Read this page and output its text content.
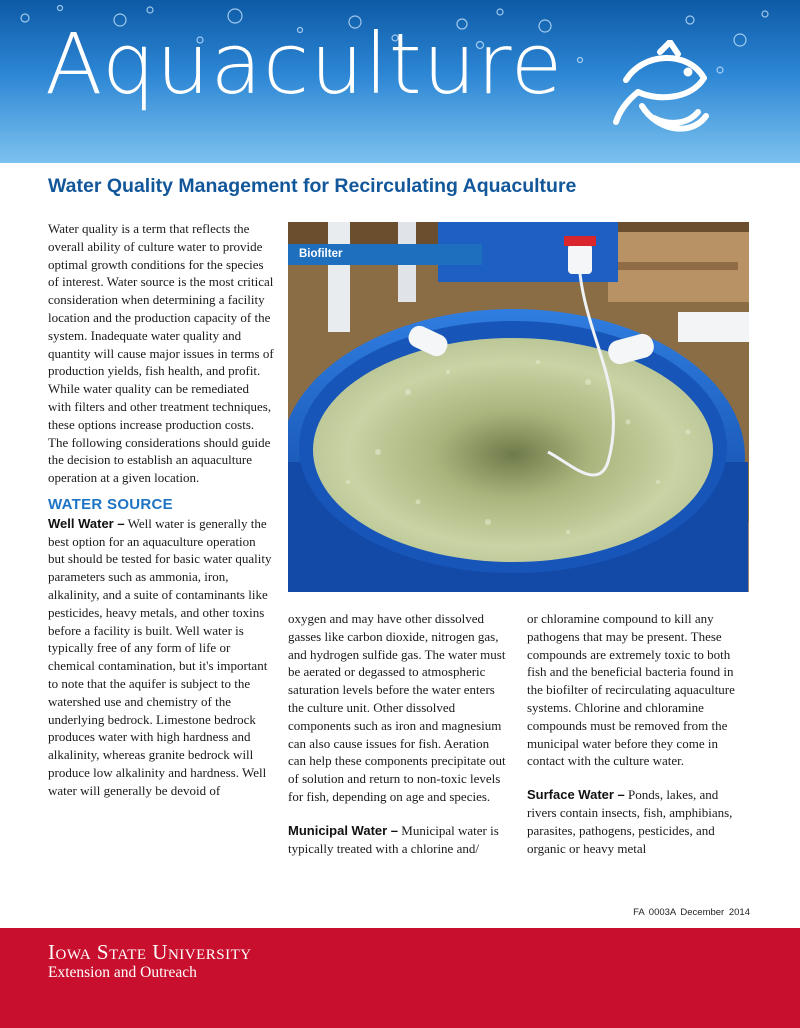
Aquaculture
Water Quality Management for Recirculating Aquaculture

Water quality is a term that reflects the overall ability of culture water to provide optimal growth conditions for the species of interest. Water source is the most critical consideration when determining a facility location and the production capacity of the system. Inadequate water quality and quantity will cause major issues in terms of production yields, fish health, and profit. While water quality can be remediated with filters and other treatment techniques, these options increase production costs. The following considerations should guide the decision to establish an aquaculture operation at a given location.

WATER SOURCE

Well Water – Well water is generally the best option for an aquaculture operation but should be tested for basic water quality parameters such as ammonia, iron, alkalinity, and a suite of contaminants like pesticides, heavy metals, and other toxins before a facility is built. Well water is typically free of any form of life or chemical contamination, but it's important to note that the aquifer is subject to the watershed use and chemistry of the underlying bedrock. Limestone bedrock produces water with high hardness and alkalinity, whereas granite bedrock will produce low alkalinity and hardness. Well water will generally be devoid of

Biofilter

oxygen and may have other dissolved gasses like carbon dioxide, nitrogen gas, and hydrogen sulfide gas. The water must be aerated or degassed to atmospheric saturation levels before the water enters the culture unit. Other dissolved components such as iron and magnesium can also cause issues for fish. Aeration can help these components precipitate out of solution and return to non-toxic levels for fish, depending on age and species.

Municipal Water – Municipal water is typically treated with a chlorine and/

or chloramine compound to kill any pathogens that may be present. These compounds are extremely toxic to both fish and the beneficial bacteria found in the biofilter of recirculating aquaculture systems. Chlorine and chloramine compounds must be removed from the municipal water before they come in contact with the culture water.

Surface Water – Ponds, lakes, and rivers contain insects, fish, amphibians, parasites, pathogens, pesticides, and organic or heavy metal

FA 0003A December 2014
Iowa State University
Extension and Outreach
